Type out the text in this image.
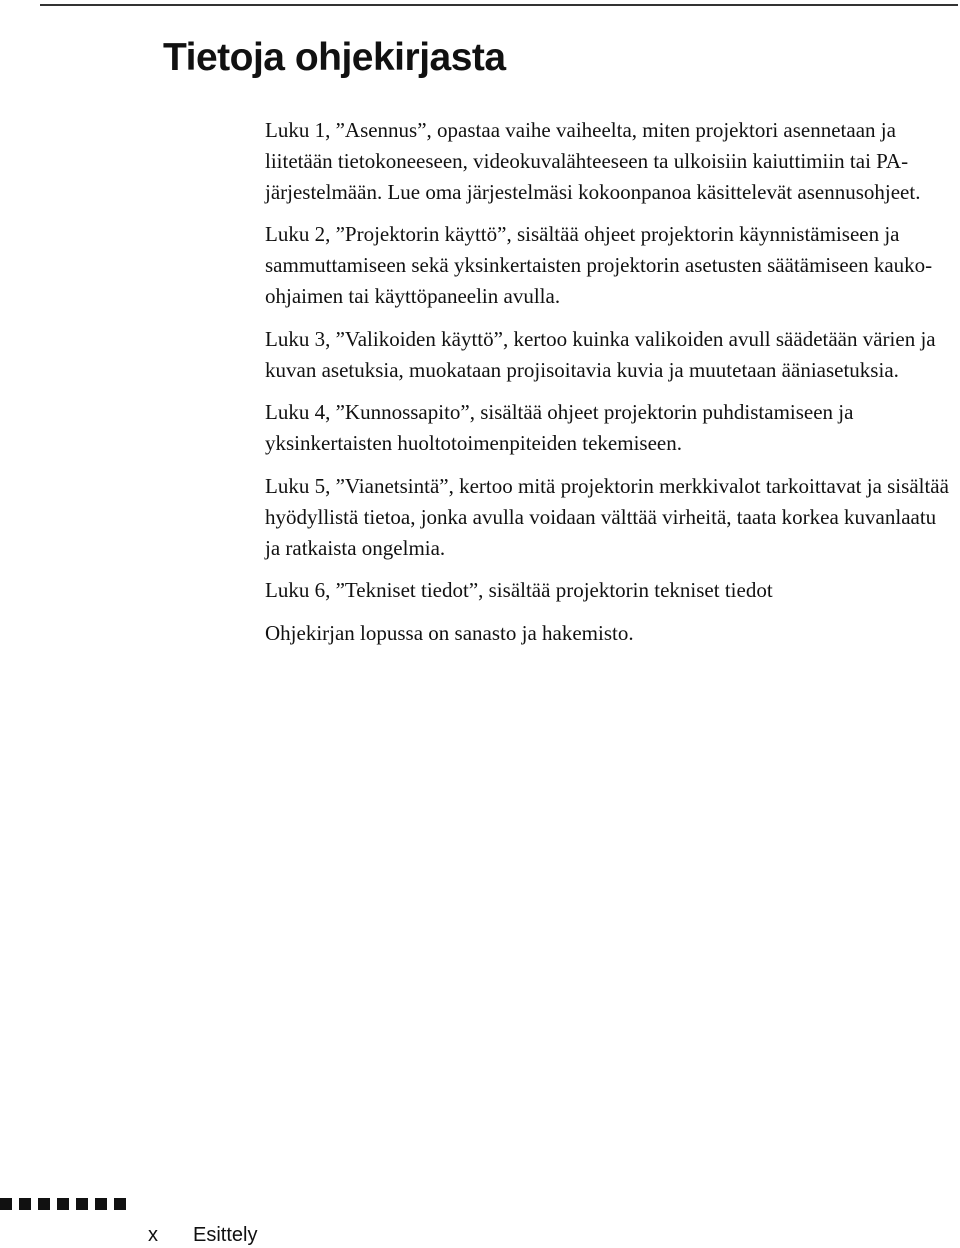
Tietoja ohjekirjasta

Luku 1, ”Asennus”, opastaa vaihe vaiheelta, miten projektori asennetaan ja liitetään tietokoneeseen, videokuvalähteeseen ta ulkoisiin kaiuttimiin tai PA-järjestelmään. Lue oma järjestelmäsi kokoonpanoa käsittelevät asennusohjeet.

Luku 2, ”Projektorin käyttö”, sisältää ohjeet projektorin käynnistämiseen ja sammuttamiseen sekä yksinkertaisten projektorin asetusten säätämiseen kauko-ohjaimen tai käyttöpaneelin avulla.

Luku 3, ”Valikoiden käyttö”, kertoo kuinka valikoiden avull säädetään värien ja kuvan asetuksia, muokataan projisoitavia kuvia ja muutetaan ääniasetuksia.

Luku 4, ”Kunnossapito”, sisältää ohjeet projektorin puhdistamiseen ja yksinkertaisten huoltotoimenpiteiden tekemiseen.

Luku 5, ”Vianetsintä”, kertoo mitä projektorin merkkivalot tarkoittavat ja sisältää hyödyllistä tietoa, jonka avulla voidaan välttää virheitä, taata korkea kuvanlaatu ja ratkaista ongelmia.

Luku 6, ”Tekniset tiedot”, sisältää projektorin tekniset tiedot

Ohjekirjan lopussa on sanasto ja hakemisto.

x Esittely
